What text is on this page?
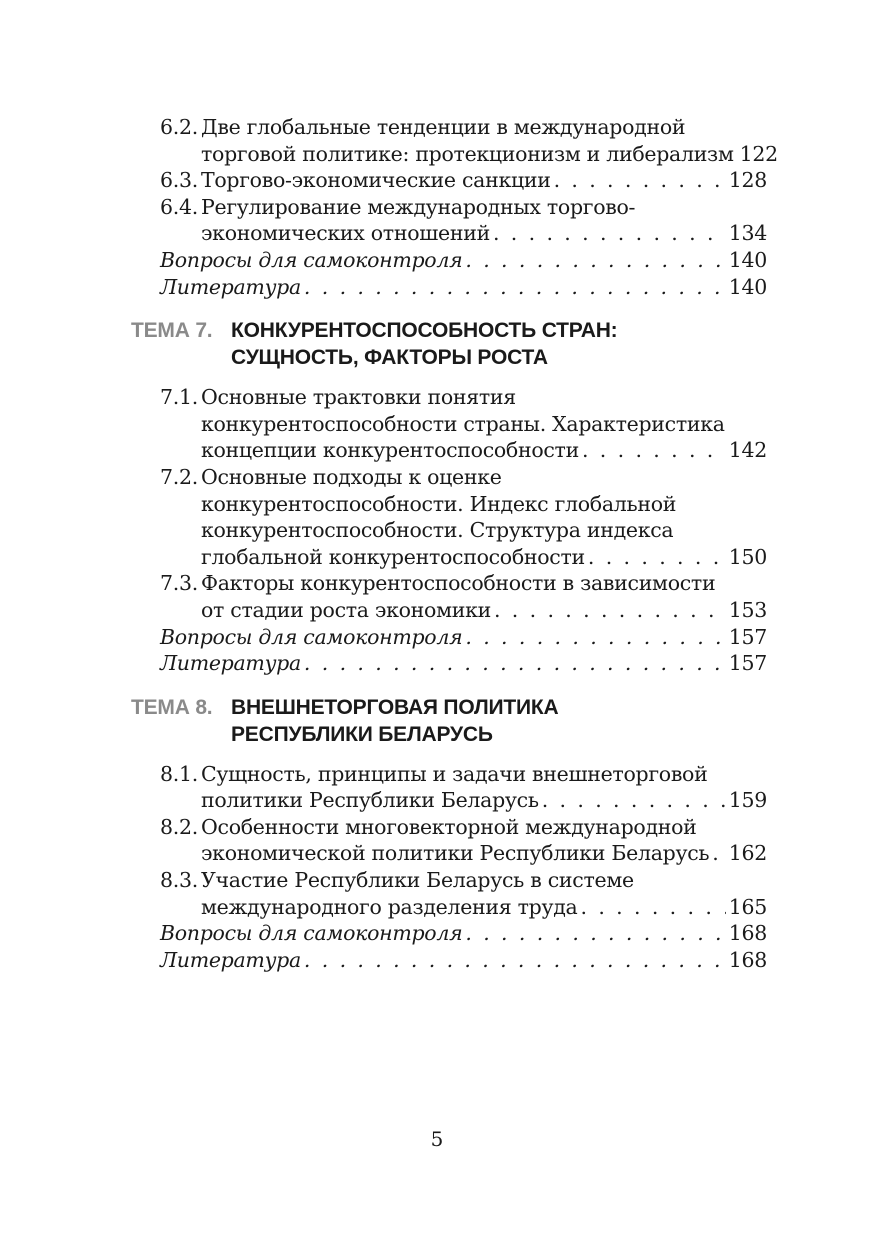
6.2. Две глобальные тенденции в международной
торговой политике: протекционизм и либерализм 122
6.3. Торгово-экономические санкции . . .	128
6.4. Регулирование международных торгово-
экономических отношений . . .	134
Вопросы для самоконтроля . . .	140
Литература . . .	140
ТЕМА 7. КОНКУРЕНТОСПОСОБНОСТЬ СТРАН:
СУЩНОСТЬ, ФАКТОРЫ РОСТА
7.1. Основные трактовки понятия
конкурентоспособности страны. Характеристика
концепции конкурентоспособности . . .	142
7.2. Основные подходы к оценке
конкурентоспособности. Индекс глобальной
конкурентоспособности. Структура индекса
глобальной конкурентоспособности . . .	150
7.3. Факторы конкурентоспособности в зависимости
от стадии роста экономики . . .	153
Вопросы для самоконтроля . . .	157
Литература . . .	157
ТЕМА 8. ВНЕШНЕТОРГОВАЯ ПОЛИТИКА
РЕСПУБЛИКИ БЕЛАРУСЬ
8.1. Сущность, принципы и задачи внешнеторговой
политики Республики Беларусь . . .	159
8.2. Особенности многовекторной международной
экономической политики Республики Беларусь . . . 162
8.3. Участие Республики Беларусь в системе
международного разделения труда . . .	165
Вопросы для самоконтроля . . .	168
Литература . . .	168
5
